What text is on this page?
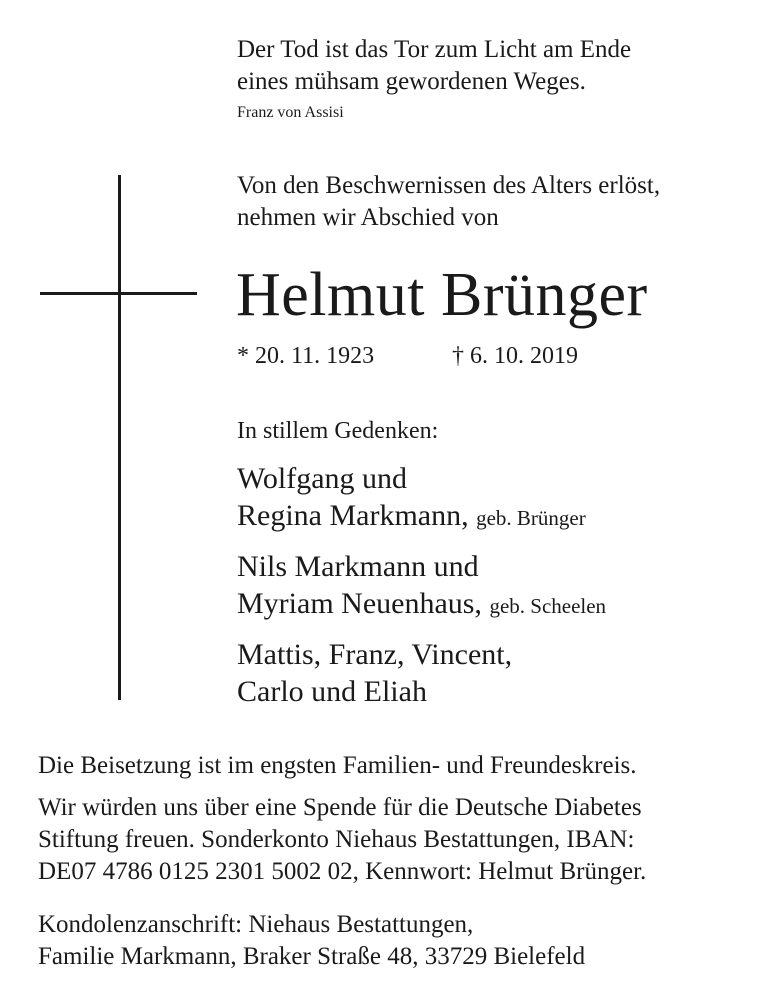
Der Tod ist das Tor zum Licht am Ende
eines mühsam gewordenen Weges.
Franz von Assisi
Von den Beschwernissen des Alters erlöst,
nehmen wir Abschied von
Helmut Brünger
* 20. 11. 1923	† 6. 10. 2019
In stillem Gedenken:
Wolfgang und
Regina Markmann, geb. Brünger
Nils Markmann und
Myriam Neuenhaus, geb. Scheelen
Mattis, Franz, Vincent,
Carlo und Eliah
Die Beisetzung ist im engsten Familien- und Freundeskreis.
Wir würden uns über eine Spende für die Deutsche Diabetes
Stiftung freuen. Sonderkonto Niehaus Bestattungen, IBAN:
DE07 4786 0125 2301 5002 02, Kennwort: Helmut Brünger.
Kondolenzanschrift: Niehaus Bestattungen,
Familie Markmann, Braker Straße 48, 33729 Bielefeld
